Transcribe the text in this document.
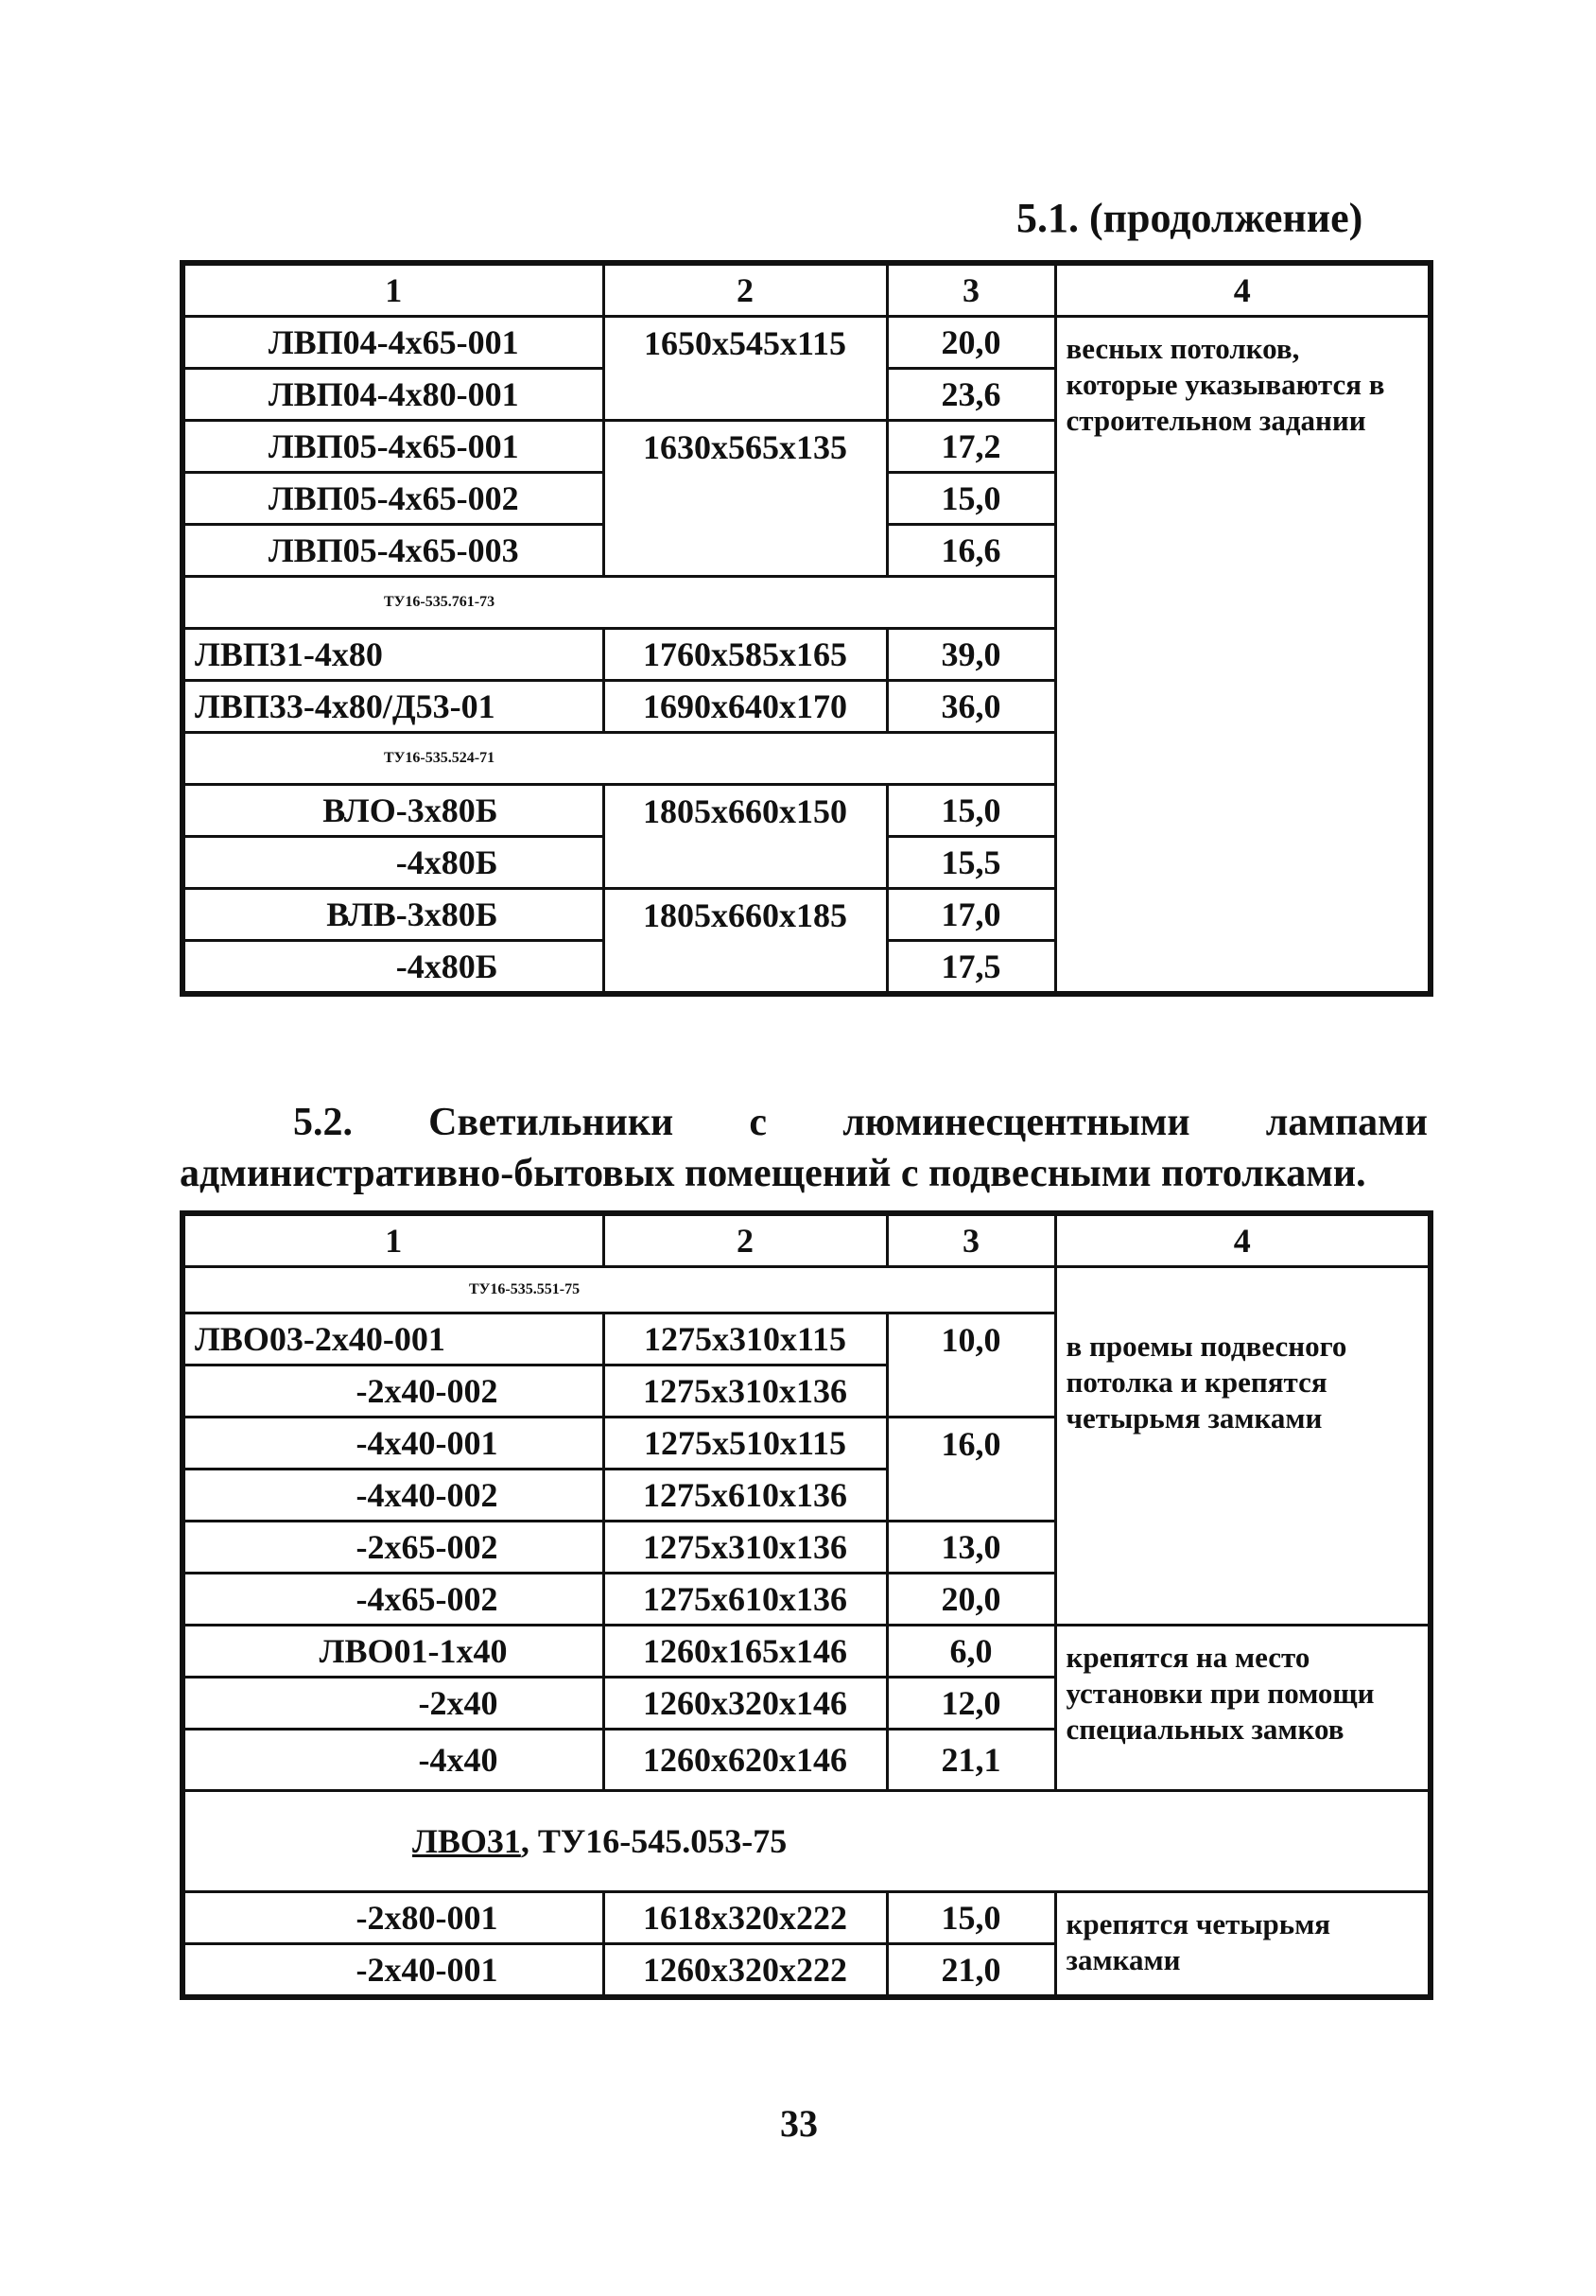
5.1. (продолжение)
1	2	3	4
ЛВП04-4х65-001	1650х545х115	20,0	весных потолков, которые указываются в строительном задании
ЛВП04-4х80-001		23,6	
ЛВП05-4х65-001	1630х565х135	17,2	
ЛВП05-4х65-002		15,0	
ЛВП05-4х65-003		16,6	
ТУ16-535.761-73			
ЛВП31-4х80	1760х585х165	39,0	
ЛВП33-4х80/Д53-01	1690х640х170	36,0	
ТУ16-535.524-71			
ВЛО-3х80Б	1805х660х150	15,0	
-4х80Б		15,5	
ВЛВ-3х80Б	1805х660х185	17,0	
-4х80Б		17,5	
5.2. Светильники с люминесцентными лампами
административно-бытовых помещений с подвесными потолками.
1	2	3	4
ТУ16-535.551-75			в проемы подвесного потолка и крепятся четырьмя замками
ЛВО03-2х40-001	1275х310х115	10,0	
-2х40-002	1275х310х136		
-4х40-001	1275х510х115	16,0	
-4х40-002	1275х610х136		
-2х65-002	1275х310х136	13,0	
-4х65-002	1275х610х136	20,0	
ЛВО01-1х40	1260х165х146	6,0	крепятся на место установки при помощи специальных замков
-2х40	1260х320х146	12,0	
-4х40	1260х620х146	21,1	
ЛВО31, ТУ16-545.053-75			
-2х80-001	1618х320х222	15,0	крепятся четырьмя замками
-2х40-001	1260х320х222	21,0	
33
